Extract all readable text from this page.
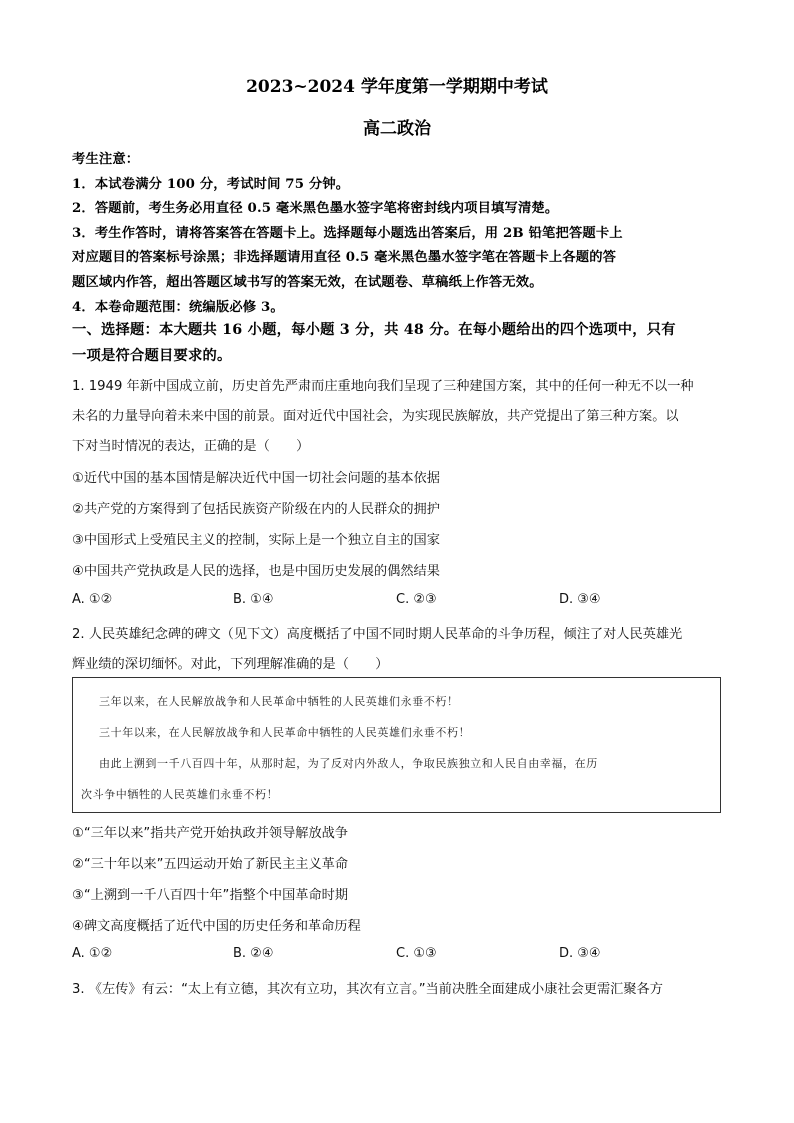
2023~2024 学年度第一学期期中考试
高二政治
考生注意：
1．本试卷满分 100 分，考试时间 75 分钟。
2．答题前，考生务必用直径 0.5 毫米黑色墨水签字笔将密封线内项目填写清楚。
3．考生作答时，请将答案答在答题卡上。选择题每小题选出答案后，用 2B 铅笔把答题卡上
对应题目的答案标号涂黑；非选择题请用直径 0.5 毫米黑色墨水签字笔在答题卡上各题的答
题区域内作答，超出答题区域书写的答案无效，在试题卷、草稿纸上作答无效。
4．本卷命题范围：统编版必修 3。
一、选择题：本大题共 16 小题，每小题 3 分，共 48 分。在每小题给出的四个选项中，只有
一项是符合题目要求的。
1. 1949 年新中国成立前，历史首先严肃而庄重地向我们呈现了三种建国方案，其中的任何一种无不以一种
未名的力量导向着未来中国的前景。面对近代中国社会，为实现民族解放，共产党提出了第三种方案。以
下对当时情况的表达，正确的是（　　）
①近代中国的基本国情是解决近代中国一切社会问题的基本依据
②共产党的方案得到了包括民族资产阶级在内的人民群众的拥护
③中国形式上受殖民主义的控制，实际上是一个独立自主的国家
④中国共产党执政是人民的选择，也是中国历史发展的偶然结果
A. ①②	B. ①④	C. ②③	D. ③④
2. 人民英雄纪念碑的碑文（见下文）高度概括了中国不同时期人民革命的斗争历程，倾注了对人民英雄光
辉业绩的深切缅怀。对此，下列理解准确的是（　　）
三年以来，在人民解放战争和人民革命中牺牲的人民英雄们永垂不朽！
三十年以来，在人民解放战争和人民革命中牺牲的人民英雄们永垂不朽！
由此上溯到一千八百四十年，从那时起，为了反对内外敌人，争取民族独立和人民自由幸福，在历
次斗争中牺牲的人民英雄们永垂不朽！
①“三年以来”指共产党开始执政并领导解放战争
②“三十年以来”五四运动开始了新民主主义革命
③“上溯到一千八百四十年”指整个中国革命时期
④碑文高度概括了近代中国的历史任务和革命历程
A. ①②	B. ②④	C. ①③	D. ③④
3. 《左传》有云：“太上有立德，其次有立功，其次有立言。”当前决胜全面建成小康社会更需汇聚各方
